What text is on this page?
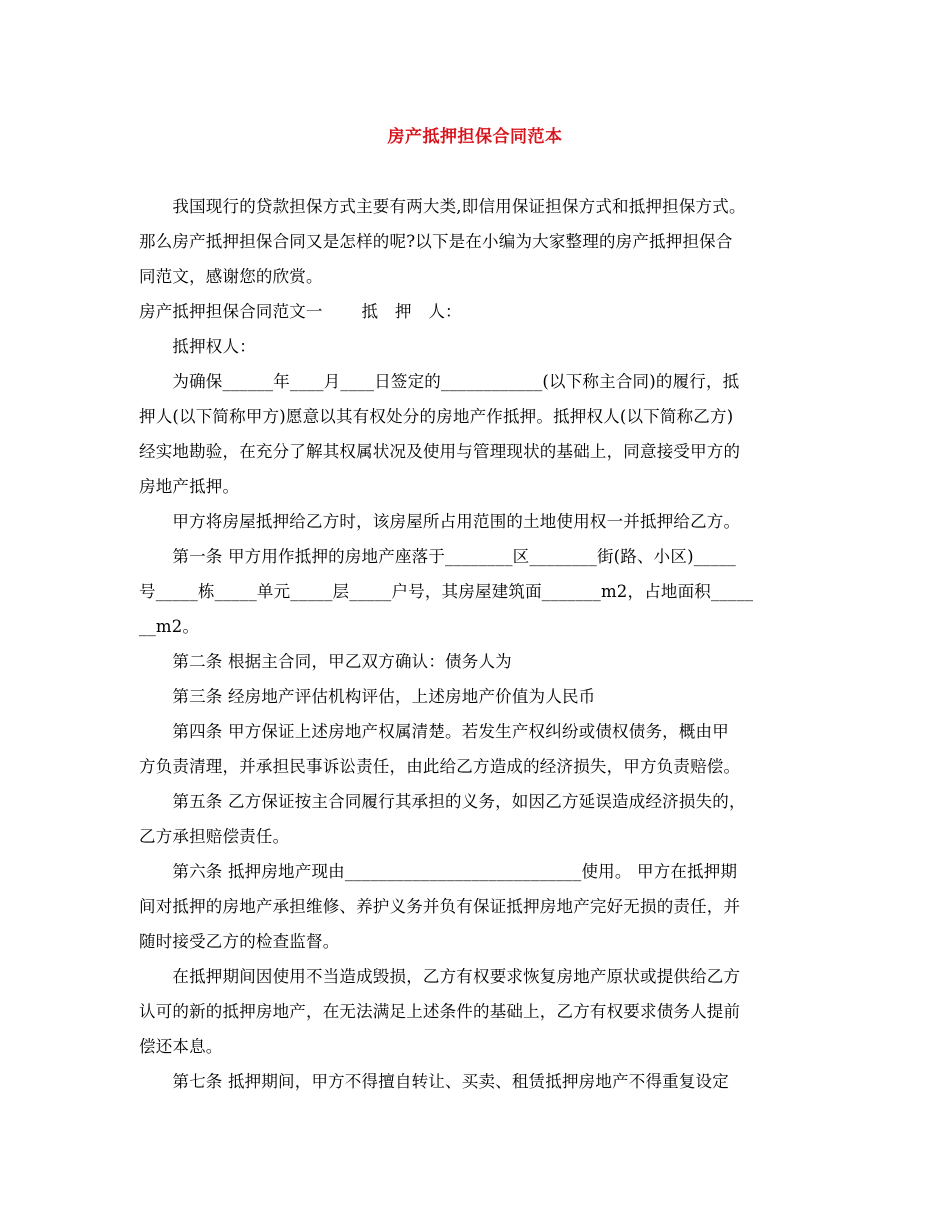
房产抵押担保合同范本
　　我国现行的贷款担保方式主要有两大类,即信用保证担保方式和抵押担保方式。
那么房产抵押担保合同又是怎样的呢?以下是在小编为大家整理的房产抵押担保合
同范文，感谢您的欣赏。
房产抵押担保合同范文一　　 抵　押　人：
　　抵押权人：
　　为确保______年____月____日签定的____________(以下称主合同)的履行，抵
押人(以下简称甲方)愿意以其有权处分的房地产作抵押。抵押权人(以下简称乙方)
经实地勘验，在充分了解其权属状况及使用与管理现状的基础上，同意接受甲方的
房地产抵押。
　　甲方将房屋抵押给乙方时，该房屋所占用范围的土地使用权一并抵押给乙方。
　　第一条 甲方用作抵押的房地产座落于________区________街(路、小区)_____
号_____栋_____单元_____层_____户号，其房屋建筑面_______m2，占地面积_____
__m2。
　　第二条 根据主合同，甲乙双方确认：债务人为
　　第三条 经房地产评估机构评估，上述房地产价值为人民币
　　第四条 甲方保证上述房地产权属清楚。若发生产权纠纷或债权债务，概由甲
方负责清理，并承担民事诉讼责任，由此给乙方造成的经济损失，甲方负责赔偿。
　　第五条 乙方保证按主合同履行其承担的义务，如因乙方延误造成经济损失的，
乙方承担赔偿责任。
　　第六条 抵押房地产现由____________________________使用。 甲方在抵押期
间对抵押的房地产承担维修、养护义务并负有保证抵押房地产完好无损的责任，并
随时接受乙方的检查监督。
　　在抵押期间因使用不当造成毁损，乙方有权要求恢复房地产原状或提供给乙方
认可的新的抵押房地产，在无法满足上述条件的基础上，乙方有权要求债务人提前
偿还本息。
　　第七条 抵押期间，甲方不得擅自转让、买卖、租赁抵押房地产不得重复设定
